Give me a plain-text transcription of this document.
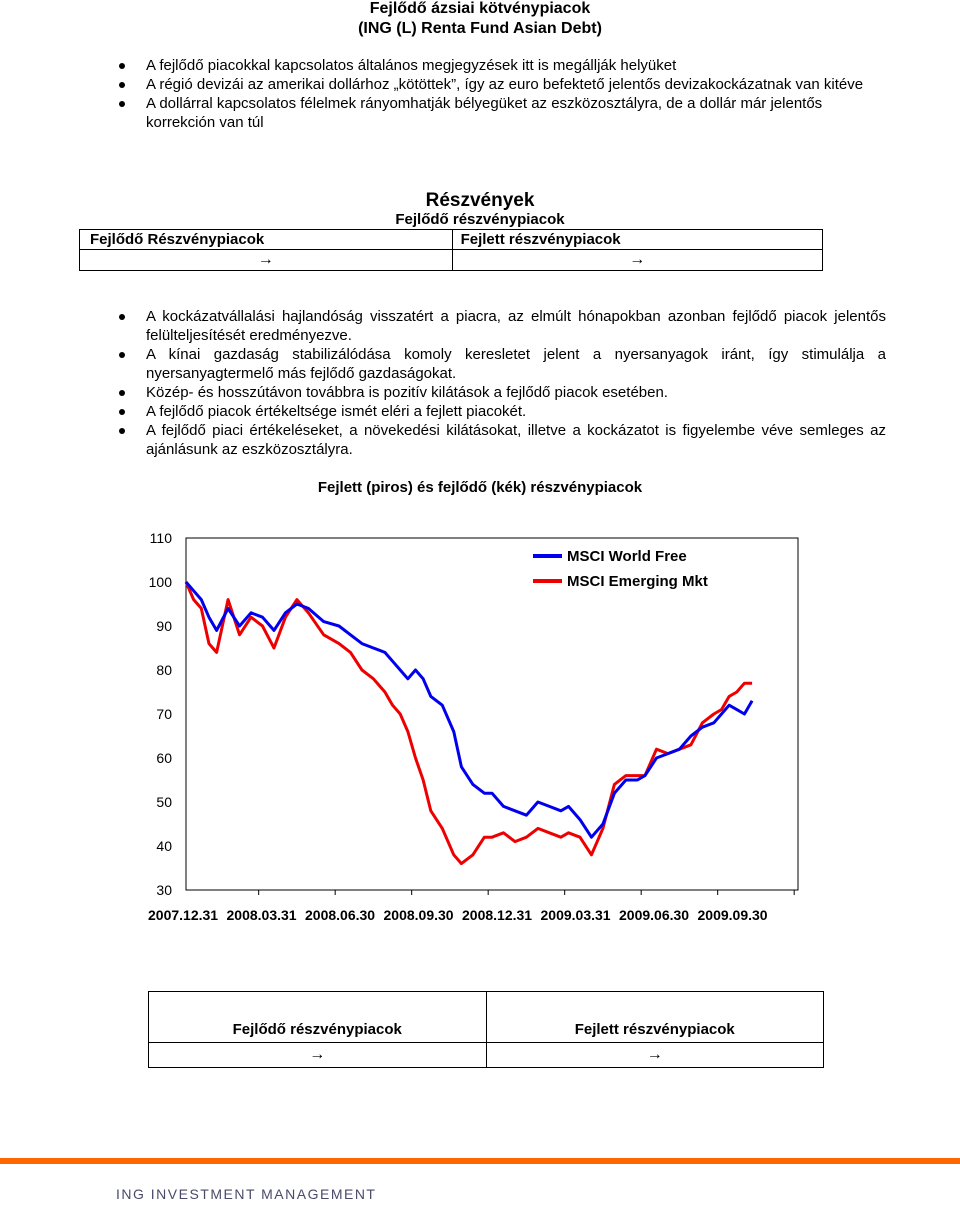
Fejlődő ázsiai kötvénypiacok
(ING (L) Renta Fund Asian Debt)
A fejlődő piacokkal kapcsolatos általános megjegyzések itt is megállják helyüket
A régió devizái az amerikai dollárhoz „kötöttek”, így az euro befektető jelentős devizakockázatnak van kitéve
A dollárral kapcsolatos félelmek rányomhatják bélyegüket az eszközosztályra, de a dollár már jelentős korrekción van túl
Részvények
Fejlődő részvénypiacok
Fejlődő Részvénypiacok	Fejlett részvénypiacok
→	→
A kockázatvállalási hajlandóság visszatért a piacra, az elmúlt hónapokban azonban fejlődő piacok jelentős felülteljesítését eredményezve.
A kínai gazdaság stabilizálódása komoly keresletet jelent a nyersanyagok iránt, így stimulálja a nyersanyagtermelő más fejlődő gazdaságokat.
Közép- és hosszútávon továbbra is pozitív kilátások a fejlődő piacok esetében.
A fejlődő piacok értékeltsége ismét eléri a fejlett piacokét.
A fejlődő piaci értékeléseket, a növekedési kilátásokat, illetve a kockázatot is figyelembe véve semleges az ajánlásunk az eszközosztályra.
Fejlett (piros) és fejlődő (kék) részvénypiacok
110
100
90
80
70
60
50
40
30
2007.12.31 2008.03.31 2008.06.30 2008.09.30 2008.12.31 2009.03.31 2009.06.30 2009.09.30
MSCI World Free
MSCI Emerging Mkt
Fejlődő részvénypiacok	Fejlett részvénypiacok
→	→
ING INVESTMENT MANAGEMENT
